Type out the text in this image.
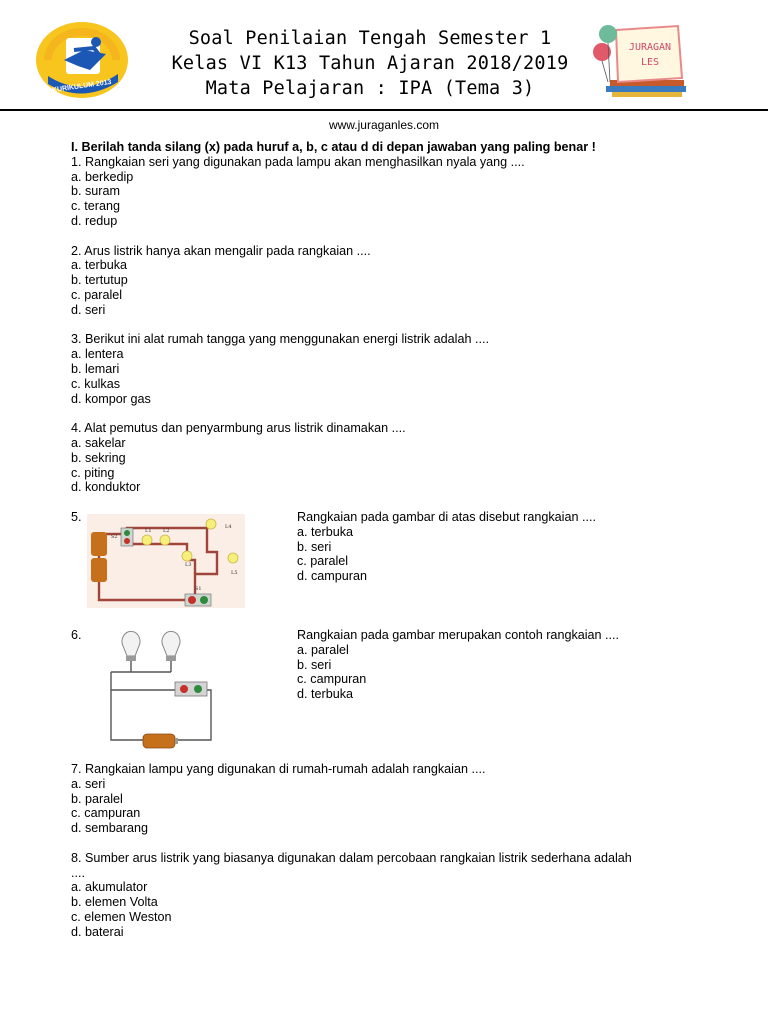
KURIKULUM 2013
Soal Penilaian Tengah Semester 1
Kelas VI K13 Tahun Ajaran 2018/2019
Mata Pelajaran : IPA (Tema 3)
JURAGAN
LES
www.juraganles.com
I. Berilah tanda silang (x) pada huruf a, b, c atau d di depan jawaban yang paling benar !
1. Rangkaian seri yang digunakan pada lampu akan menghasilkan nyala yang ....
a. berkedip
b. suram
c. terang
d. redup
2. Arus listrik hanya akan mengalir pada rangkaian ....
a. terbuka
b. tertutup
c. paralel
d. seri
3. Berikut ini alat rumah tangga yang menggunakan energi listrik adalah ....
a. lentera
b. lemari
c. kulkas
d. kompor gas
4. Alat pemutus dan penyarmbung arus listrik dinamakan ....
a. sakelar
b. sekring
c. piting
d. konduktor
5.
S2
L1 L2
L4
L3
L5
S1
Rangkaian pada gambar di atas disebut rangkaian ....
a. terbuka
b. seri
c. paralel
d. campuran
6.	Rangkaian pada gambar merupakan contoh rangkaian ....
a. paralel
b. seri
c. campuran
d. terbuka
7. Rangkaian lampu yang digunakan di rumah-rumah adalah rangkaian ....
a. seri
b. paralel
c. campuran
d. sembarang
8. Sumber arus listrik yang biasanya digunakan dalam percobaan rangkaian listrik sederhana adalah
....
a. akumulator
b. elemen Volta
c. elemen Weston
d. baterai
